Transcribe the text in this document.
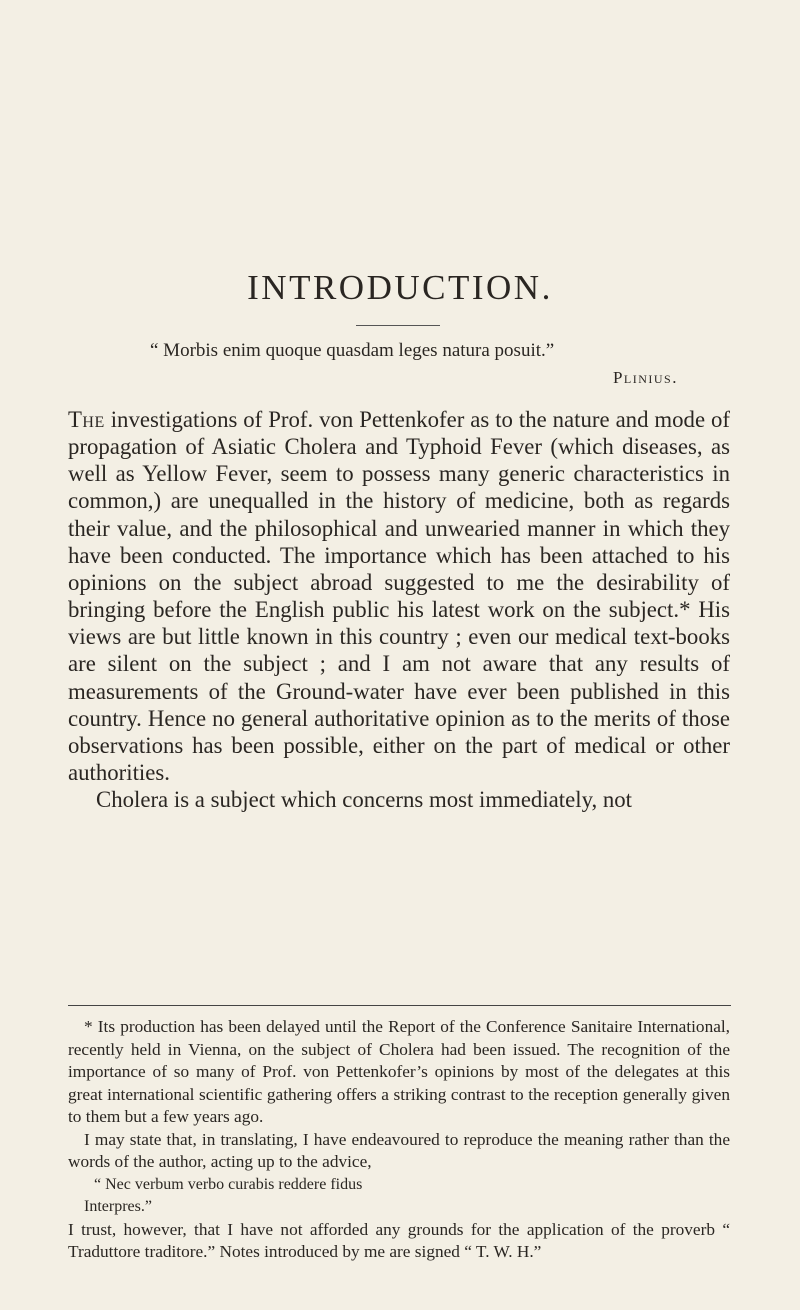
INTRODUCTION.
“ Morbis enim quoque quasdam leges natura posuit.”
Plinius.

The investigations of Prof. von Pettenkofer as to the nature and mode of propagation of Asiatic Cholera and Typhoid Fever (which diseases, as well as Yellow Fever, seem to possess many generic characteristics in common,) are unequalled in the history of medicine, both as regards their value, and the philosophical and unwearied manner in which they have been conducted. The importance which has been attached to his opinions on the subject abroad suggested to me the desirability of bringing before the English public his latest work on the subject.* His views are but little known in this country ; even our medical text-books are silent on the subject ; and I am not aware that any results of measurements of the Ground-water have ever been published in this country. Hence no general authoritative opinion as to the merits of those observations has been possible, either on the part of medical or other authorities.

Cholera is a subject which concerns most immediately, not

* Its production has been delayed until the Report of the Conference Sanitaire International, recently held in Vienna, on the subject of Cholera had been issued. The recognition of the importance of so many of Prof. von Pettenkofer’s opinions by most of the delegates at this great international scientific gathering offers a striking contrast to the reception generally given to them but a few years ago.

I may state that, in translating, I have endeavoured to reproduce the meaning rather than the words of the author, acting up to the advice,

“ Nec verbum verbo curabis reddere fidus
Interpres.”

I trust, however, that I have not afforded any grounds for the application of the proverb “ Traduttore traditore.” Notes introduced by me are signed “ T. W. H.”
